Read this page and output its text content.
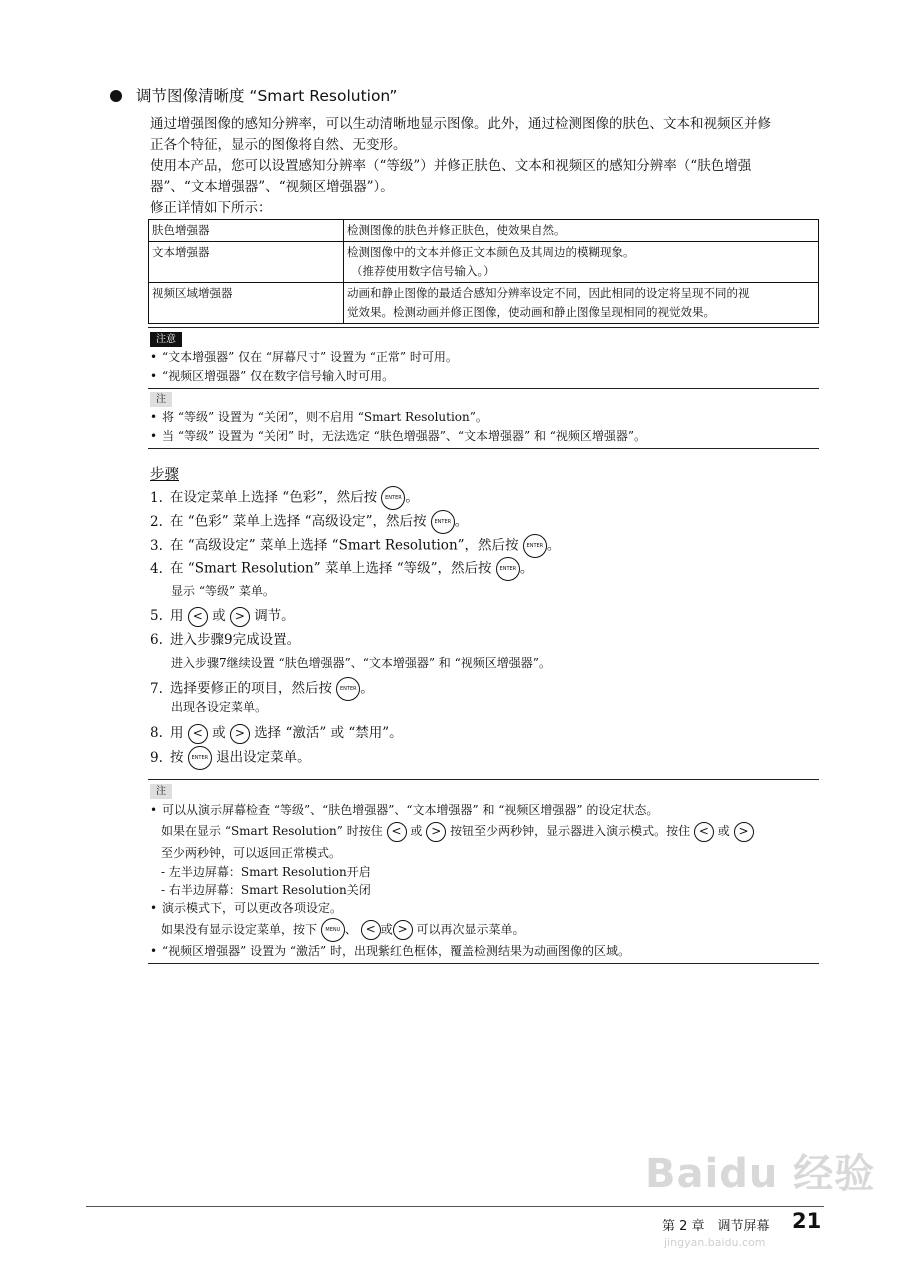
调节图像清晰度 “Smart Resolution”
通过增强图像的感知分辨率，可以生动清晰地显示图像。此外，通过检测图像的肤色、文本和视频区并修
正各个特征，显示的图像将自然、无变形。
使用本产品，您可以设置感知分辨率（“等级”）并修正肤色、文本和视频区的感知分辨率（“肤色增强
器”、“文本增强器”、“视频区增强器”）。
修正详情如下所示：
肤色增强器	检测图像的肤色并修正肤色，使效果自然。
文本增强器	检测图像中的文本并修正文本颜色及其周边的模糊现象。
（推荐使用数字信号输入。）

视频区域增强器	动画和静止图像的最适合感知分辨率设定不同，因此相同的设定将呈现不同的视
觉效果。检测动画并修正图像，使动画和静止图像呈现相同的视觉效果。
注意
• “文本增强器” 仅在 “屏幕尺寸” 设置为 “正常” 时可用。
• “视频区增强器” 仅在数字信号输入时可用。
注
• 将 “等级” 设置为 “关闭”，则不启用 “Smart Resolution”。
• 当 “等级” 设置为 “关闭” 时，无法选定 “肤色增强器”、“文本增强器” 和 “视频区增强器”。
步骤
1. 在设定菜单上选择 “色彩”，然后按 ENTER 。
2. 在 “色彩” 菜单上选择 “高级设定”，然后按 ENTER 。
3. 在 “高级设定” 菜单上选择 “Smart Resolution”，然后按 ENTER 。
4. 在 “Smart Resolution” 菜单上选择 “等级”，然后按 ENTER 。
显示 “等级” 菜单。
5. 用 < 或 > 调节。
6. 进入步骤9完成设置。
进入步骤7继续设置 “肤色增强器”、“文本增强器” 和 “视频区增强器”。
7. 选择要修正的项目，然后按 ENTER 。
出现各设定菜单。
8. 用 < 或 > 选择 “激活” 或 “禁用”。
9. 按 ENTER 退出设定菜单。
注
• 可以从演示屏幕检查 “等级”、“肤色增强器”、“文本增强器” 和 “视频区增强器” 的设定状态。
如果在显示 “Smart Resolution” 时按住 < 或 > 按钮至少两秒钟，显示器进入演示模式。按住 < 或 >
至少两秒钟，可以返回正常模式。
- 左半边屏幕：Smart Resolution开启
- 右半边屏幕：Smart Resolution关闭
• 演示模式下，可以更改各项设定。
如果没有显示设定菜单，按下 MENU 、 < 或 > 可以再次显示菜单。
• “视频区增强器” 设置为 “激活” 时，出现紫红色框体，覆盖检测结果为动画图像的区域。
Baidu 经验
第 2 章　调节屏幕 21
jingyan.baidu.com
